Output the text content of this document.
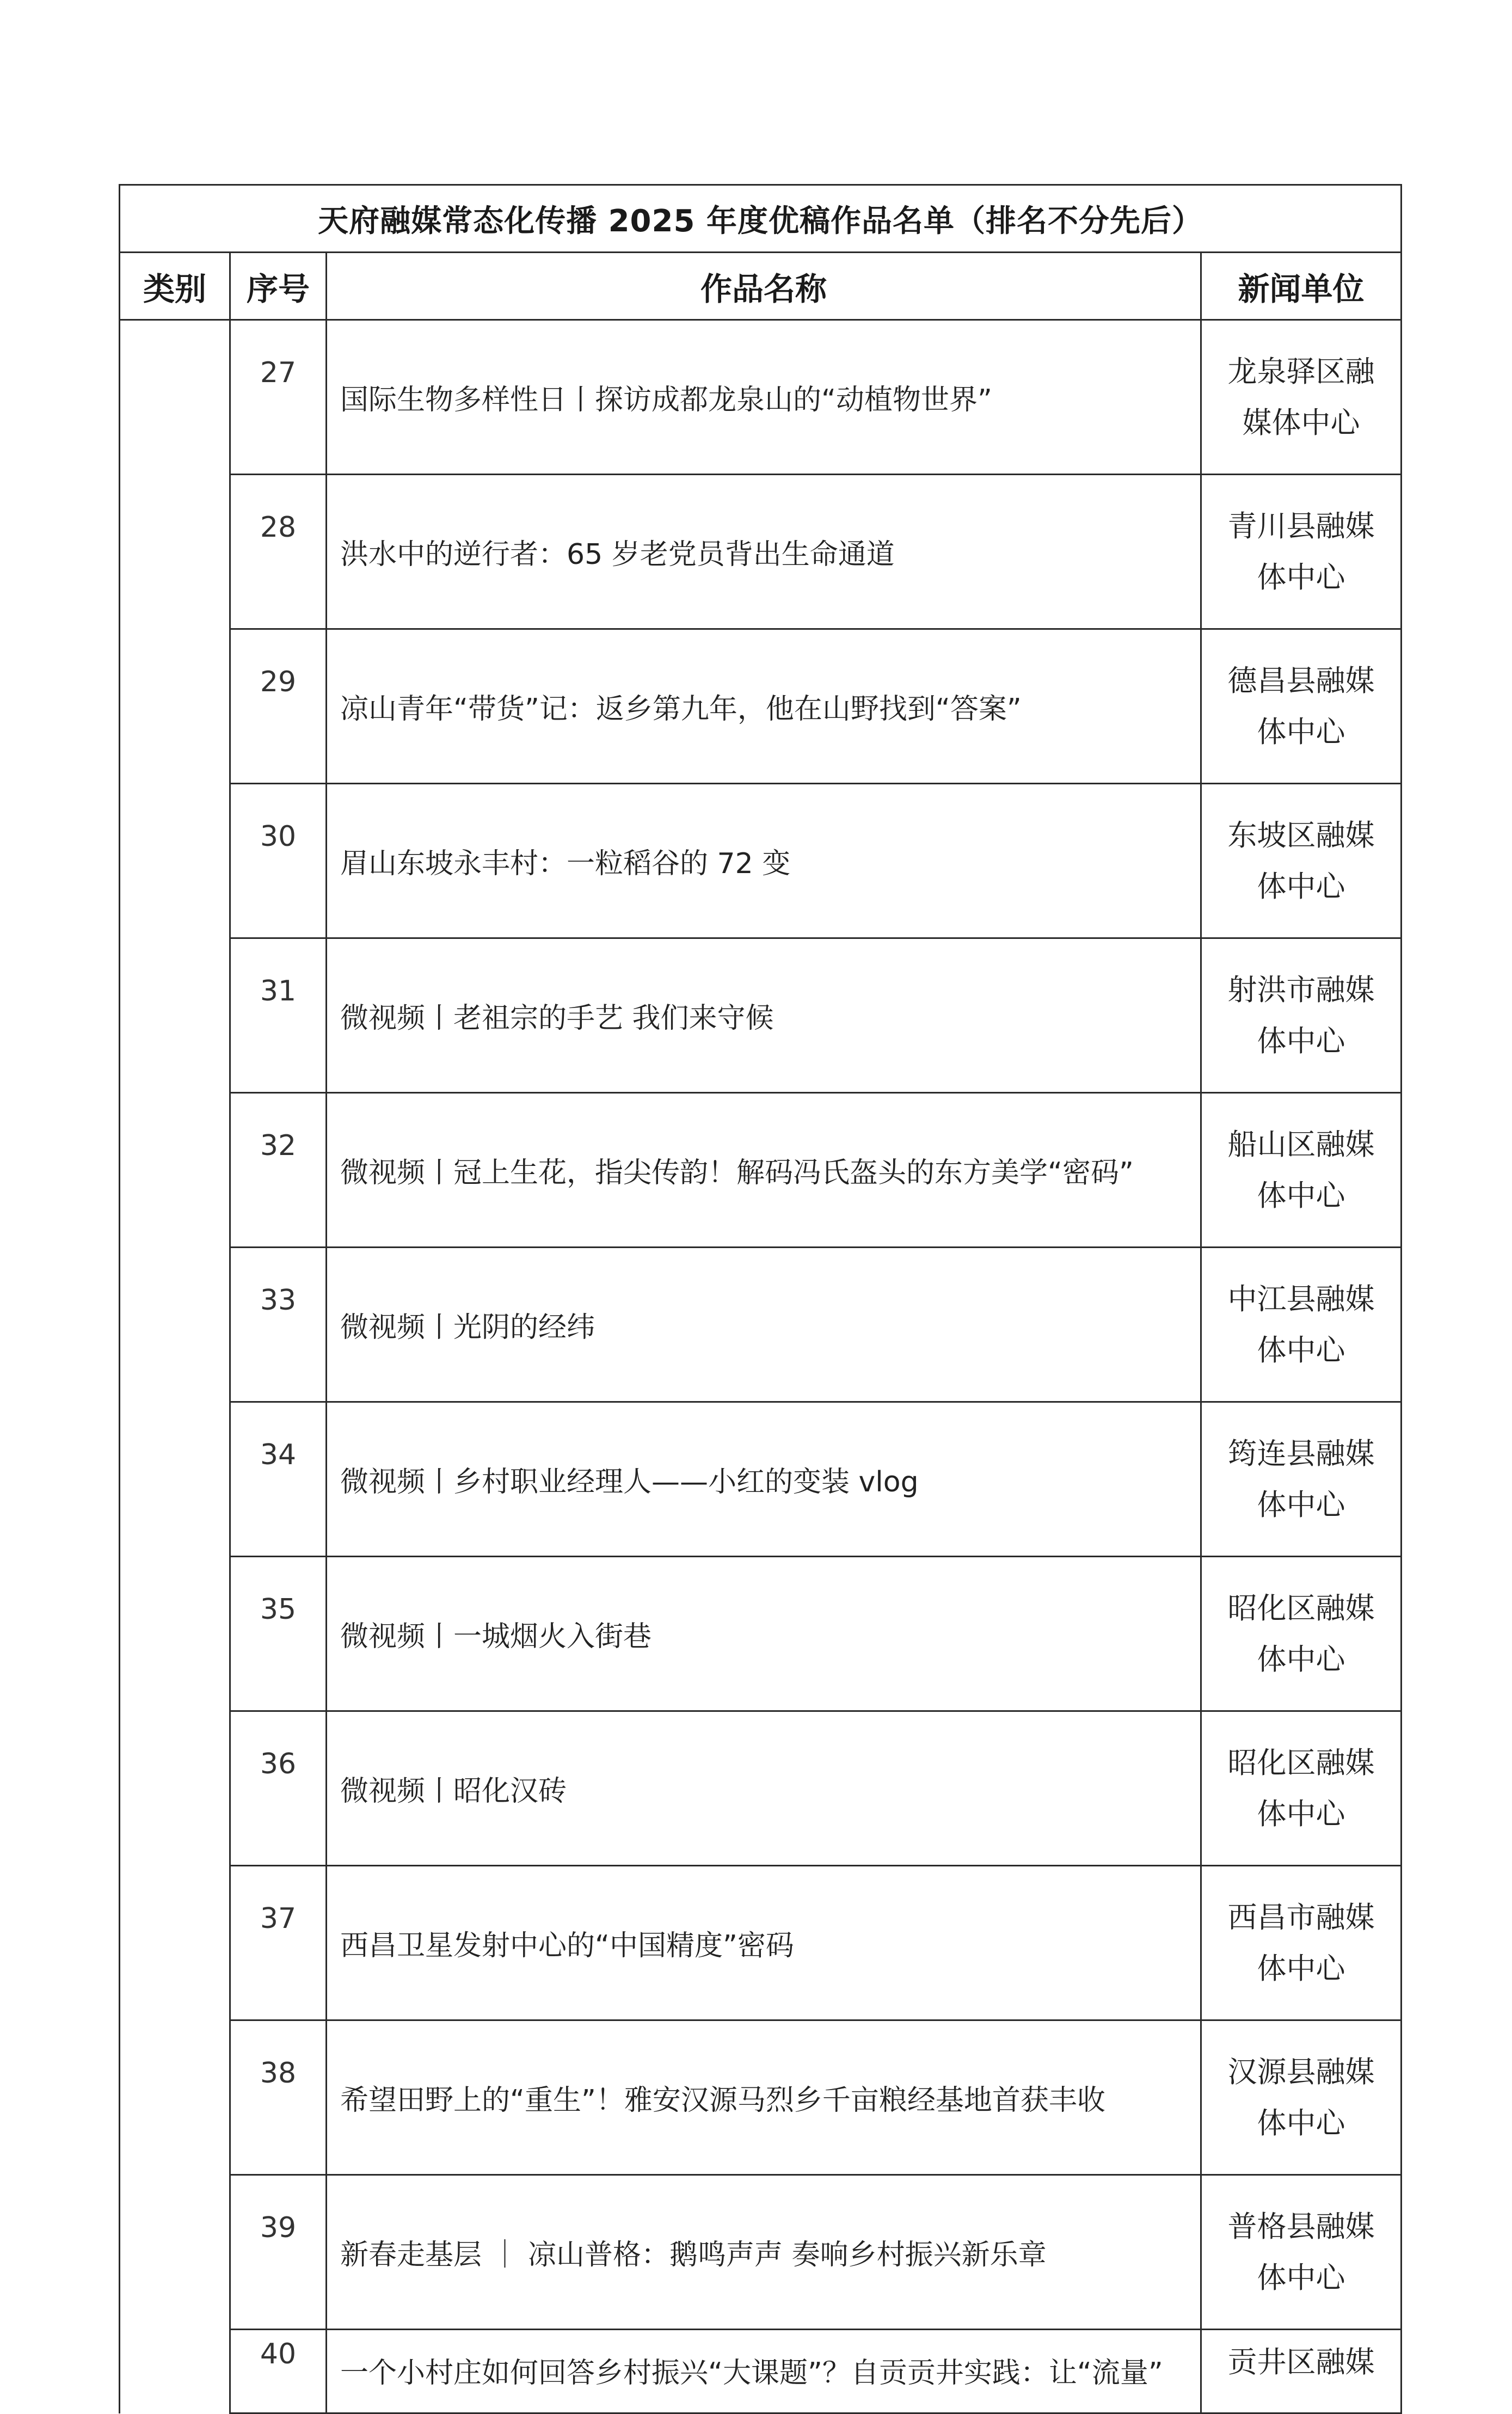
天府融媒常态化传播 2025 年度优稿作品名单（排名不分先后）			
类别	序号	作品名称	新闻单位
	27	国际生物多样性日丨探访成都龙泉山的“动植物世界”	龙泉驿区融
媒体中心

	28	洪水中的逆行者：65 岁老党员背出生命通道	青川县融媒
体中心

	29	凉山青年“带货”记：返乡第九年，他在山野找到“答案”	德昌县融媒
体中心

	30	眉山东坡永丰村：一粒稻谷的 72 变	东坡区融媒
体中心

	31	微视频丨老祖宗的手艺 我们来守候	射洪市融媒
体中心

	32	微视频丨冠上生花，指尖传韵！解码冯氏盔头的东方美学“密码”	船山区融媒
体中心

	33	微视频丨光阴的经纬	中江县融媒
体中心

	34	微视频丨乡村职业经理人——小红的变装 vlog	筠连县融媒
体中心

	35	微视频丨一城烟火入街巷	昭化区融媒
体中心

	36	微视频丨昭化汉砖	昭化区融媒
体中心

	37	西昌卫星发射中心的“中国精度”密码	西昌市融媒
体中心

	38	希望田野上的“重生”！雅安汉源马烈乡千亩粮经基地首获丰收	汉源县融媒
体中心

	39	新春走基层 ｜ 凉山普格：鹅鸣声声 奏响乡村振兴新乐章	普格县融媒
体中心

	40	一个小村庄如何回答乡村振兴“大课题”？自贡贡井实践：让“流量”	贡井区融媒
